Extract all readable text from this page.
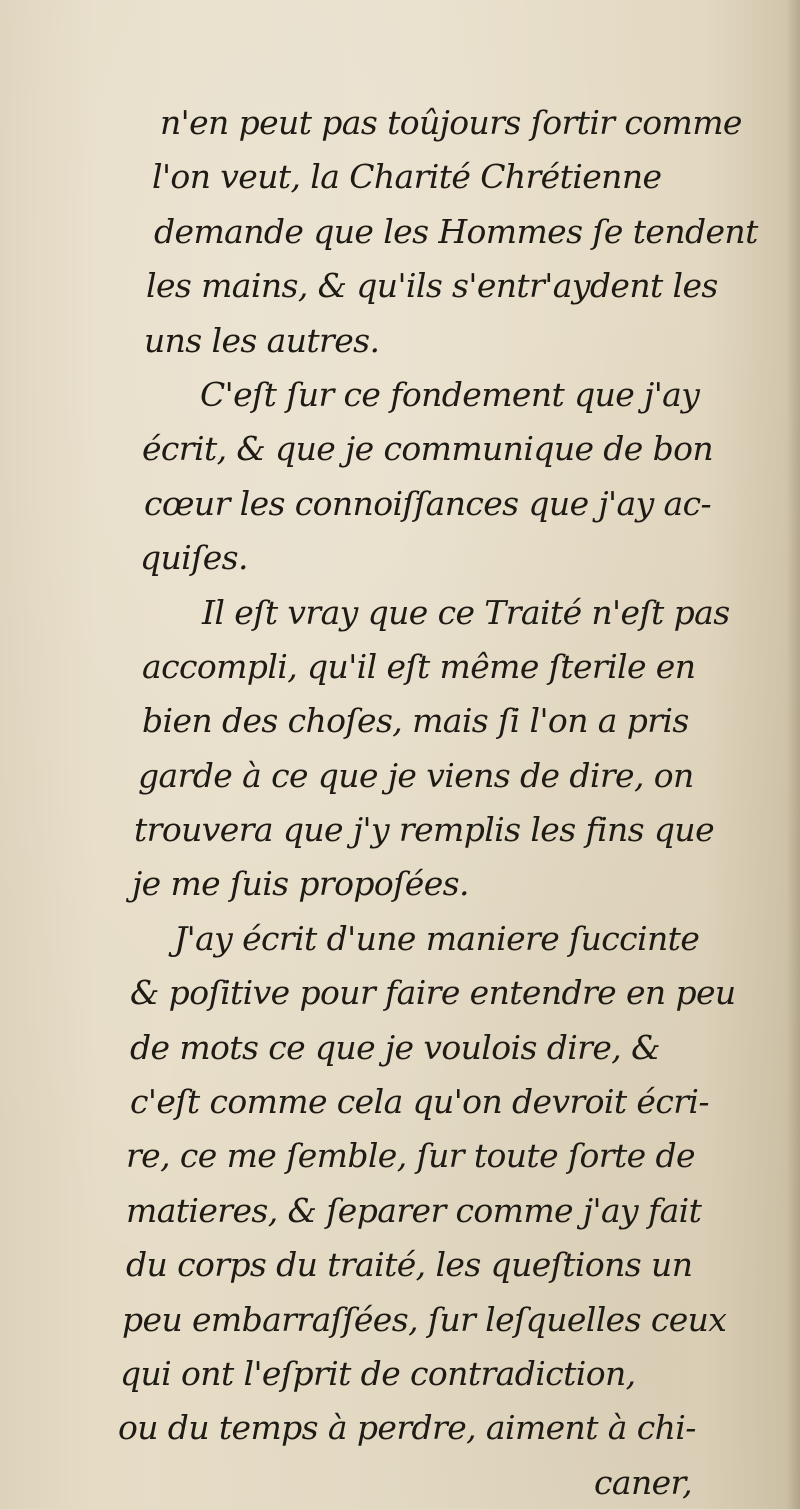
n'en peut pas toûjours ſortir comme
l'on veut, la Charité Chrétienne
demande que les Hommes ſe tendent
les mains, & qu'ils s'entr'aydent les
uns les autres.
C'eſt ſur ce fondement que j'ay
écrit, & que je communique de bon
cœur les connoiſſances que j'ay ac-
quiſes.
Il eſt vray que ce Traité n'eſt pas
accompli, qu'il eſt même ſterile en
bien des choſes, mais ſi l'on a pris
garde à ce que je viens de dire, on
trouvera que j'y remplis les fins que
je me ſuis propoſées.
J'ay écrit d'une maniere ſuccinte
& poſitive pour faire entendre en peu
de mots ce que je voulois dire, &
c'eſt comme cela qu'on devroit écri-
re, ce me ſemble, ſur toute ſorte de
matieres, & ſeparer comme j'ay fait
du corps du traité, les queſtions un
peu embarraſſées, ſur leſquelles ceux
qui ont l'eſprit de contradiction,
ou du temps à perdre, aiment à chi-
caner,
